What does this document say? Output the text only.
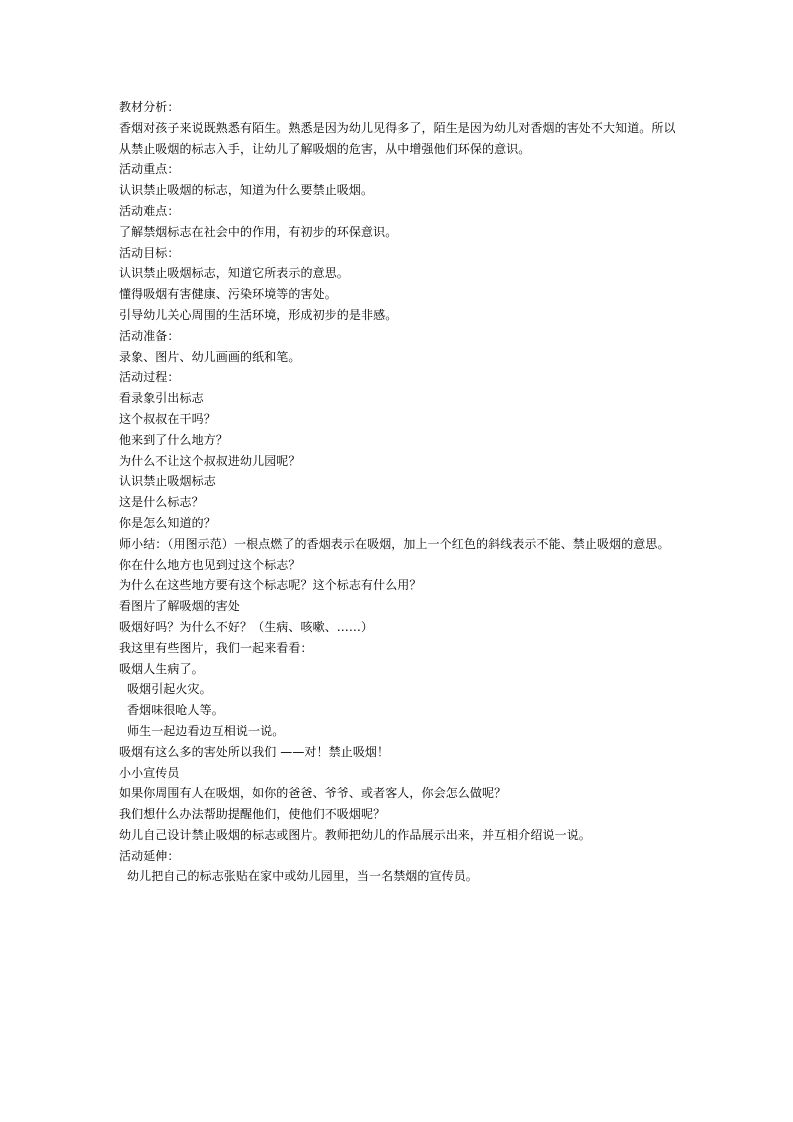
教材分析：
香烟对孩子来说既熟悉有陌生。熟悉是因为幼儿见得多了，陌生是因为幼儿对香烟的害处不大知道。所以
从禁止吸烟的标志入手，让幼儿了解吸烟的危害，从中增强他们环保的意识。
活动重点：
认识禁止吸烟的标志，知道为什么要禁止吸烟。
活动难点：
了解禁烟标志在社会中的作用，有初步的环保意识。
活动目标：
认识禁止吸烟标志，知道它所表示的意思。
懂得吸烟有害健康、污染环境等的害处。
引导幼儿关心周围的生活环境，形成初步的是非感。
活动准备：
录象、图片、幼儿画画的纸和笔。
活动过程：
看录象引出标志
这个叔叔在干吗？
他来到了什么地方？
为什么不让这个叔叔进幼儿园呢？
认识禁止吸烟标志
这是什么标志？
你是怎么知道的？
师小结：（用图示范）一根点燃了的香烟表示在吸烟，加上一个红色的斜线表示不能、禁止吸烟的意思。
你在什么地方也见到过这个标志？
为什么在这些地方要有这个标志呢？这个标志有什么用？
看图片了解吸烟的害处
吸烟好吗？为什么不好？（生病、咳嗽、……）
我这里有些图片，我们一起来看看：
吸烟人生病了。
吸烟引起火灾。
香烟味很呛人等。
师生一起边看边互相说一说。
吸烟有这么多的害处所以我们 ——对！禁止吸烟！
小小宣传员
如果你周围有人在吸烟，如你的爸爸、爷爷、或者客人，你会怎么做呢？
我们想什么办法帮助提醒他们，使他们不吸烟呢？
幼儿自己设计禁止吸烟的标志或图片。教师把幼儿的作品展示出来，并互相介绍说一说。
活动延伸：
幼儿把自己的标志张贴在家中或幼儿园里，当一名禁烟的宣传员。
